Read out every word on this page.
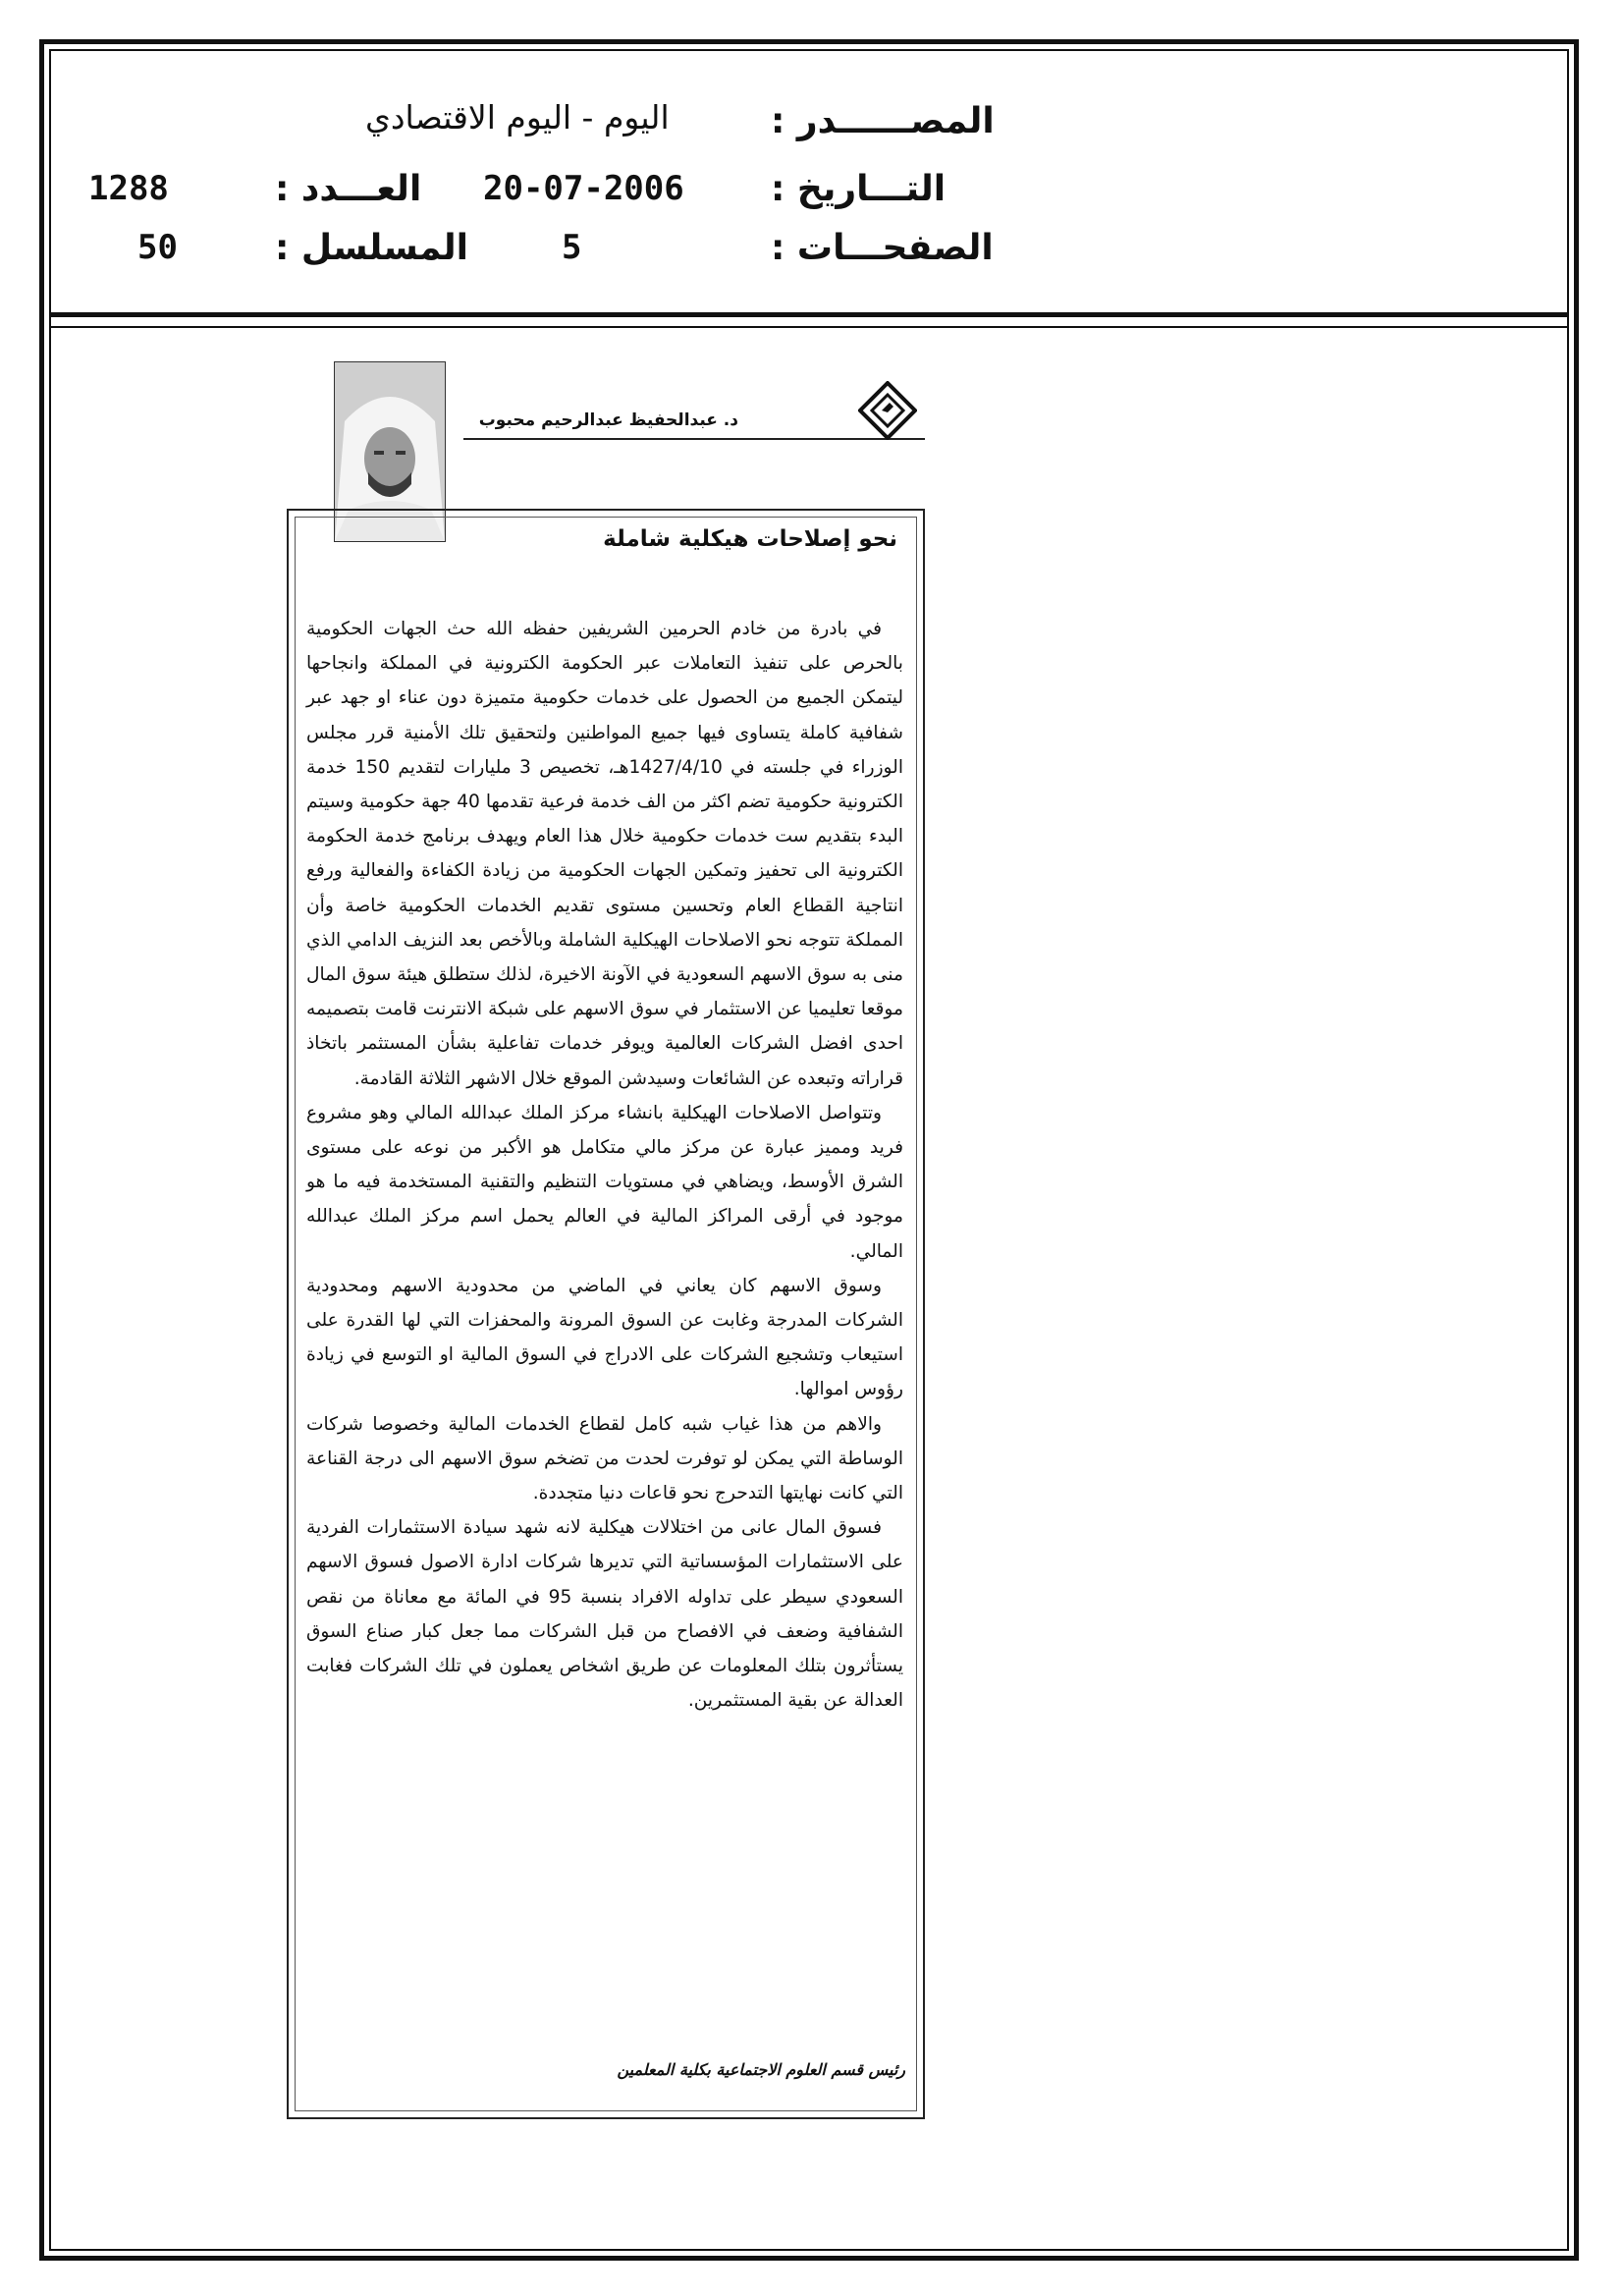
المصــــــدر :
اليوم - اليوم الاقتصادي
التـــاريخ :
20-07-2006
العـــدد :
1288
الصفحـــات :
5
المسلسل :
50
د. عبدالحفيظ عبدالرحيم محبوب
نحو إصلاحات هيكلية شاملة

في بادرة من خادم الحرمين الشريفين حفظه الله حث الجهات الحكومية بالحرص على تنفيذ التعاملات عبر الحكومة الكترونية في المملكة وانجاحها ليتمكن الجميع من الحصول على خدمات حكومية متميزة دون عناء او جهد عبر شفافية كاملة يتساوى فيها جميع المواطنين ولتحقيق تلك الأمنية قرر مجلس الوزراء في جلسته في 1427/4/10هـ، تخصيص 3 مليارات لتقديم 150 خدمة الكترونية حكومية تضم اكثر من الف خدمة فرعية تقدمها 40 جهة حكومية وسيتم البدء بتقديم ست خدمات حكومية خلال هذا العام ويهدف برنامج خدمة الحكومة الكترونية الى تحفيز وتمكين الجهات الحكومية من زيادة الكفاءة والفعالية ورفع انتاجية القطاع العام وتحسين مستوى تقديم الخدمات الحكومية خاصة وأن المملكة تتوجه نحو الاصلاحات الهيكلية الشاملة وبالأخص بعد النزيف الدامي الذي منى به سوق الاسهم السعودية في الآونة الاخيرة، لذلك ستطلق هيئة سوق المال موقعا تعليميا عن الاستثمار في سوق الاسهم على شبكة الانترنت قامت بتصميمه احدى افضل الشركات العالمية ويوفر خدمات تفاعلية بشأن المستثمر باتخاذ قراراته وتبعده عن الشائعات وسيدشن الموقع خلال الاشهر الثلاثة القادمة.

وتتواصل الاصلاحات الهيكلية بانشاء مركز الملك عبدالله المالي وهو مشروع فريد ومميز عبارة عن مركز مالي متكامل هو الأكبر من نوعه على مستوى الشرق الأوسط، ويضاهي في مستويات التنظيم والتقنية المستخدمة فيه ما هو موجود في أرقى المراكز المالية في العالم يحمل اسم مركز الملك عبدالله المالي.

وسوق الاسهم كان يعاني في الماضي من محدودية الاسهم ومحدودية الشركات المدرجة وغابت عن السوق المرونة والمحفزات التي لها القدرة على استيعاب وتشجيع الشركات على الادراج في السوق المالية او التوسع في زيادة رؤوس اموالها.

والاهم من هذا غياب شبه كامل لقطاع الخدمات المالية وخصوصا شركات الوساطة التي يمكن لو توفرت لحدت من تضخم سوق الاسهم الى درجة القناعة التي كانت نهايتها التدحرج نحو قاعات دنيا متجددة.

فسوق المال عانى من اختلالات هيكلية لانه شهد سيادة الاستثمارات الفردية على الاستثمارات المؤسساتية التي تديرها شركات ادارة الاصول فسوق الاسهم السعودي سيطر على تداوله الافراد بنسبة 95 في المائة مع معاناة من نقص الشفافية وضعف في الافصاح من قبل الشركات مما جعل كبار صناع السوق يستأثرون بتلك المعلومات عن طريق اشخاص يعملون في تلك الشركات فغابت العدالة عن بقية المستثمرين.

رئيس قسم العلوم الاجتماعية بكلية المعلمين
